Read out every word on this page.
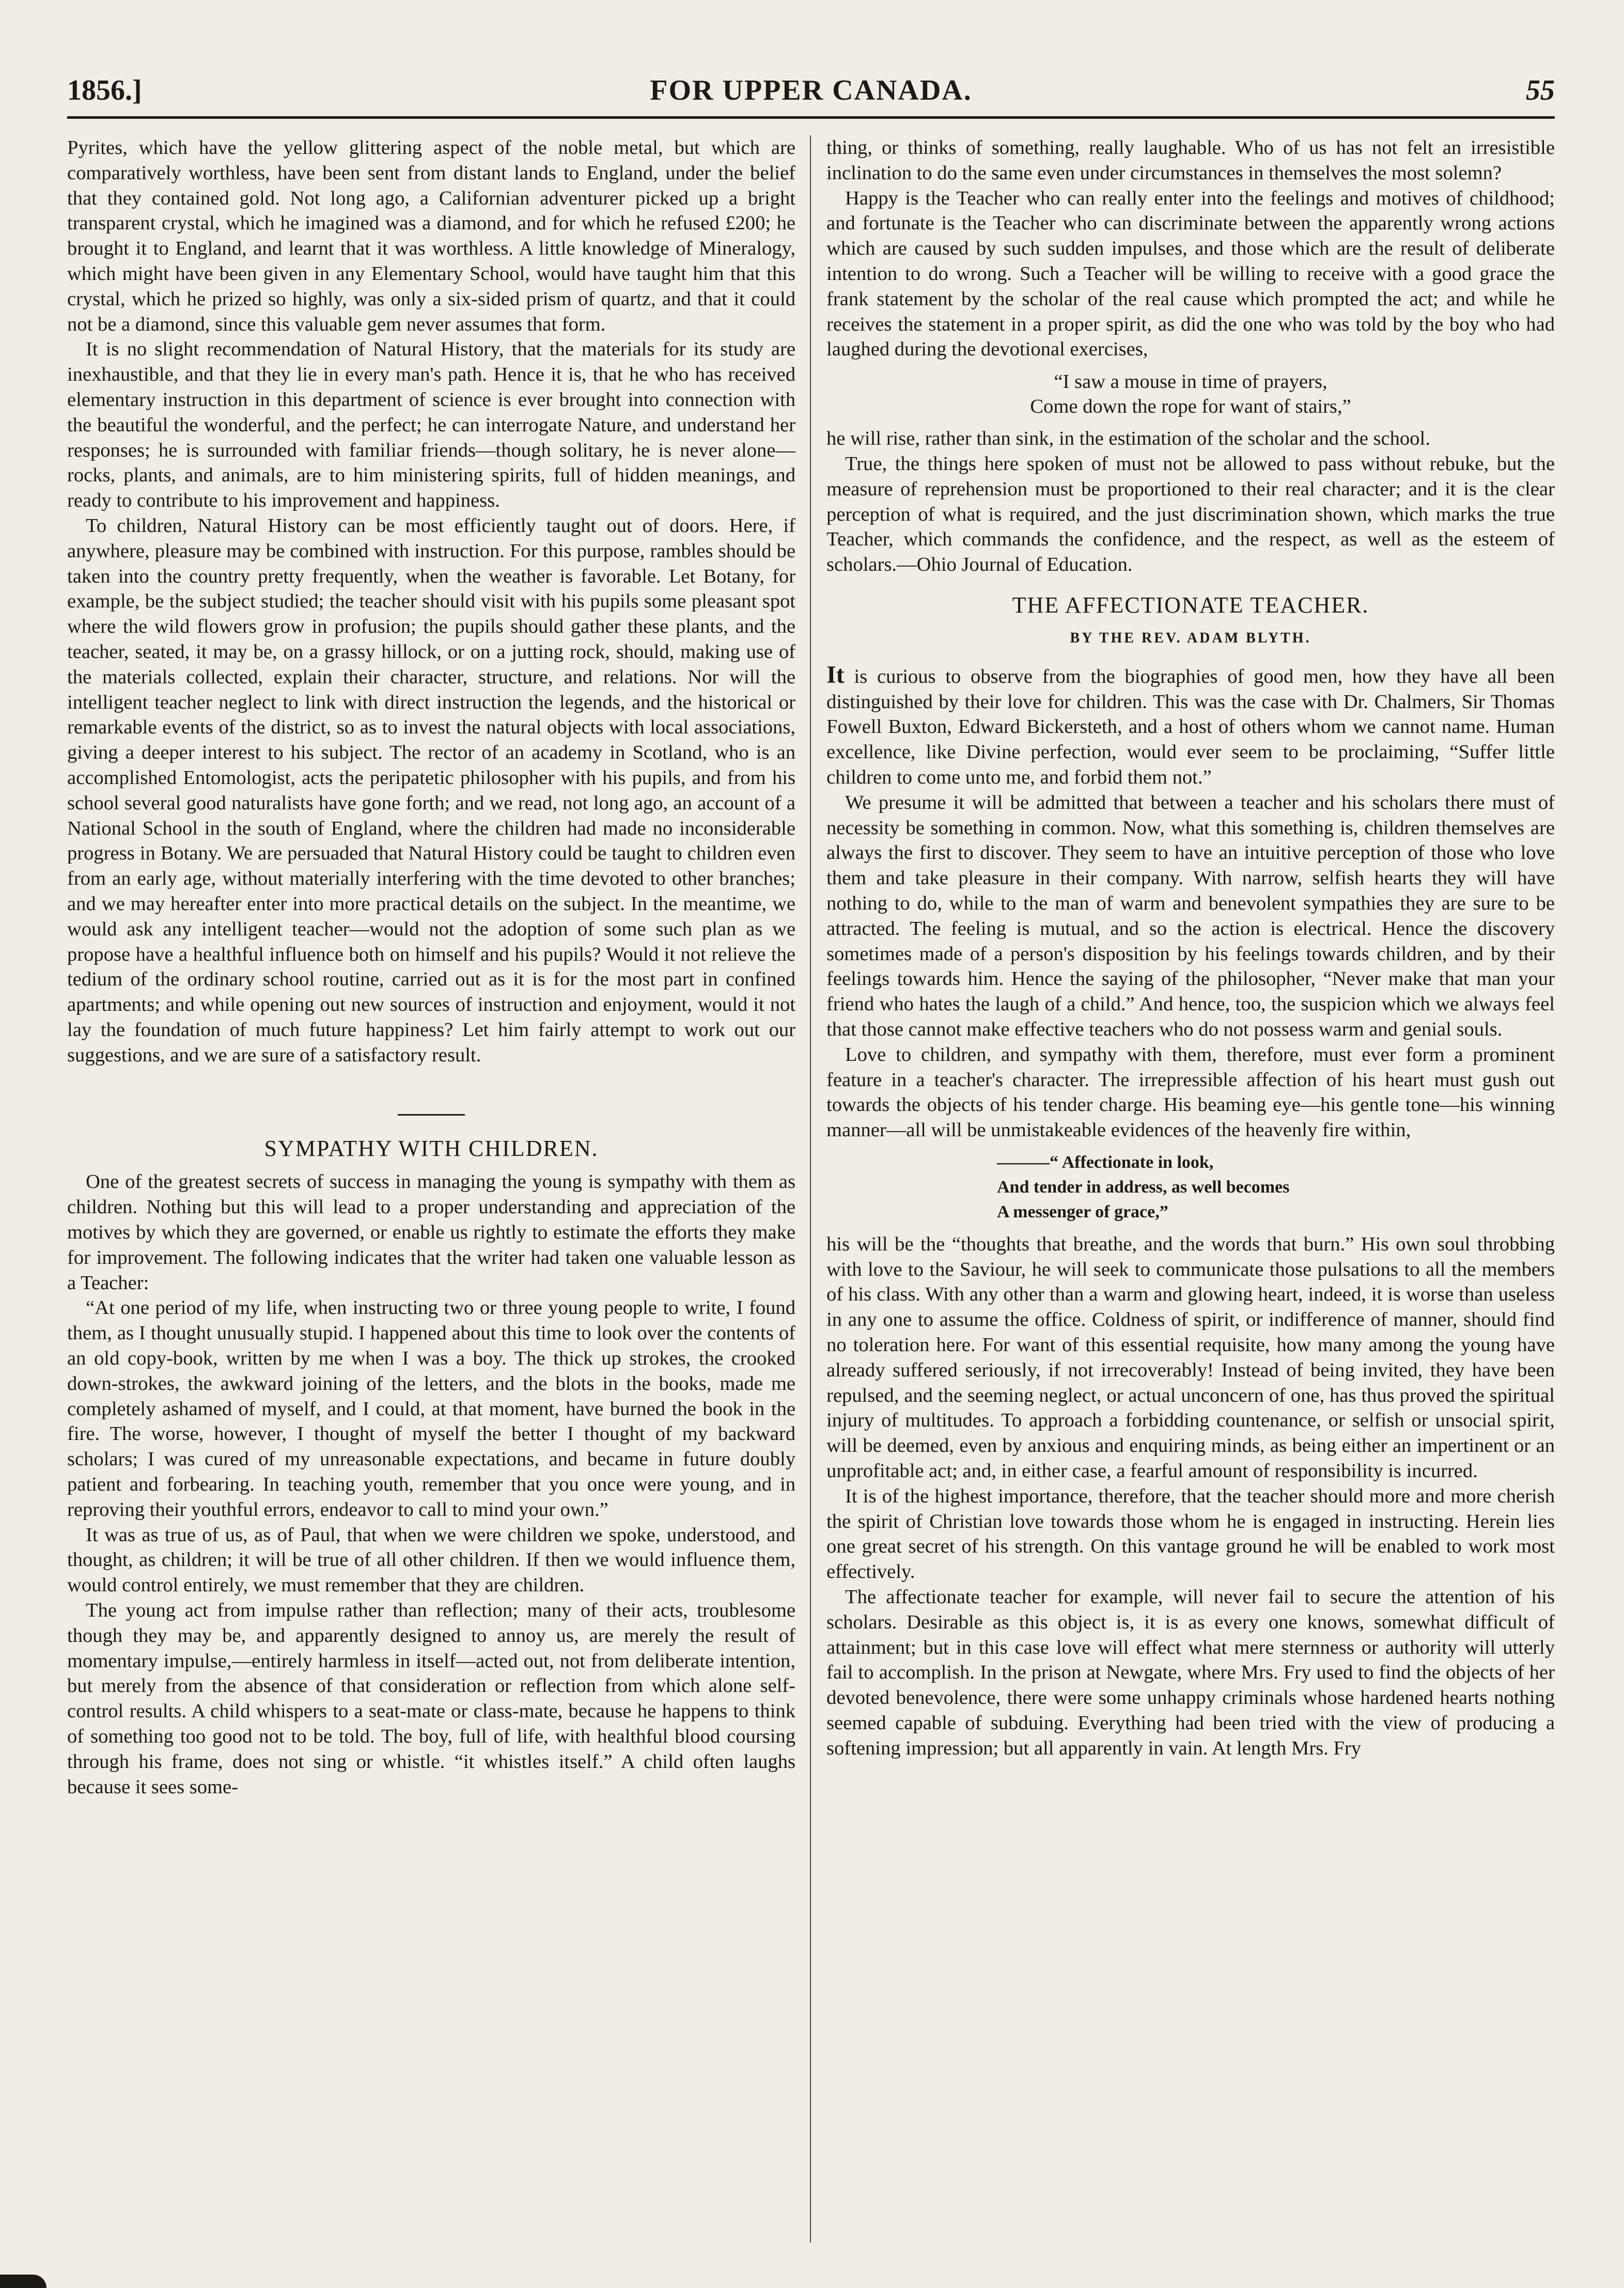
1856.]	FOR UPPER CANADA.	55

Pyrites, which have the yellow glittering aspect of the noble metal, but which are comparatively worthless, have been sent from distant lands to England, under the belief that they contained gold. Not long ago, a Californian adventurer picked up a bright transparent crystal, which he imagined was a diamond, and for which he refused £200; he brought it to England, and learnt that it was worthless. A little knowledge of Mineralogy, which might have been given in any Elementary School, would have taught him that this crystal, which he prized so highly, was only a six-sided prism of quartz, and that it could not be a diamond, since this valuable gem never assumes that form.

It is no slight recommendation of Natural History, that the materials for its study are inexhaustible, and that they lie in every man's path. Hence it is, that he who has received elementary instruction in this department of science is ever brought into connection with the beautiful the wonderful, and the perfect; he can interrogate Nature, and understand her responses; he is surrounded with familiar friends—though solitary, he is never alone—rocks, plants, and animals, are to him ministering spirits, full of hidden meanings, and ready to contribute to his improvement and happiness.

To children, Natural History can be most efficiently taught out of doors. Here, if anywhere, pleasure may be combined with instruction. For this purpose, rambles should be taken into the country pretty frequently, when the weather is favorable. Let Botany, for example, be the subject studied; the teacher should visit with his pupils some pleasant spot where the wild flowers grow in profusion; the pupils should gather these plants, and the teacher, seated, it may be, on a grassy hillock, or on a jutting rock, should, making use of the materials collected, explain their character, structure, and relations. Nor will the intelligent teacher neglect to link with direct instruction the legends, and the historical or remarkable events of the district, so as to invest the natural objects with local associations, giving a deeper interest to his subject. The rector of an academy in Scotland, who is an accomplished Entomologist, acts the peripatetic philosopher with his pupils, and from his school several good naturalists have gone forth; and we read, not long ago, an account of a National School in the south of England, where the children had made no inconsiderable progress in Botany. We are persuaded that Natural History could be taught to children even from an early age, without materially interfering with the time devoted to other branches; and we may hereafter enter into more practical details on the subject. In the meantime, we would ask any intelligent teacher—would not the adoption of some such plan as we propose have a healthful influence both on himself and his pupils? Would it not relieve the tedium of the ordinary school routine, carried out as it is for the most part in confined apartments; and while opening out new sources of instruction and enjoyment, would it not lay the foundation of much future happiness? Let him fairly attempt to work out our suggestions, and we are sure of a satisfactory result.

SYMPATHY WITH CHILDREN.

One of the greatest secrets of success in managing the young is sympathy with them as children. Nothing but this will lead to a proper understanding and appreciation of the motives by which they are governed, or enable us rightly to estimate the efforts they make for improvement. The following indicates that the writer had taken one valuable lesson as a Teacher:

“At one period of my life, when instructing two or three young people to write, I found them, as I thought unusually stupid. I happened about this time to look over the contents of an old copy-book, written by me when I was a boy. The thick up strokes, the crooked down-strokes, the awkward joining of the letters, and the blots in the books, made me completely ashamed of myself, and I could, at that moment, have burned the book in the fire. The worse, however, I thought of myself the better I thought of my backward scholars; I was cured of my unreasonable expectations, and became in future doubly patient and forbearing. In teaching youth, remember that you once were young, and in reproving their youthful errors, endeavor to call to mind your own.”

It was as true of us, as of Paul, that when we were children we spoke, understood, and thought, as children; it will be true of all other children. If then we would influence them, would control entirely, we must remember that they are children.

The young act from impulse rather than reflection; many of their acts, troublesome though they may be, and apparently designed to annoy us, are merely the result of momentary impulse,—entirely harmless in itself—acted out, not from deliberate intention, but merely from the absence of that consideration or reflection from which alone self-control results. A child whispers to a seat-mate or class-mate, because he happens to think of something too good not to be told. The boy, full of life, with healthful blood coursing through his frame, does not sing or whistle. “it whistles itself.” A child often laughs because it sees some-

thing, or thinks of something, really laughable. Who of us has not felt an irresistible inclination to do the same even under circumstances in themselves the most solemn?

Happy is the Teacher who can really enter into the feelings and motives of childhood; and fortunate is the Teacher who can discriminate between the apparently wrong actions which are caused by such sudden impulses, and those which are the result of deliberate intention to do wrong. Such a Teacher will be willing to receive with a good grace the frank statement by the scholar of the real cause which prompted the act; and while he receives the statement in a proper spirit, as did the one who was told by the boy who had laughed during the devotional exercises,

“I saw a mouse in time of prayers,
Come down the rope for want of stairs,”

he will rise, rather than sink, in the estimation of the scholar and the school.

True, the things here spoken of must not be allowed to pass without rebuke, but the measure of reprehension must be proportioned to their real character; and it is the clear perception of what is required, and the just discrimination shown, which marks the true Teacher, which commands the confidence, and the respect, as well as the esteem of scholars.—Ohio Journal of Education.

THE AFFECTIONATE TEACHER.
BY THE REV. ADAM BLYTH.

It is curious to observe from the biographies of good men, how they have all been distinguished by their love for children. This was the case with Dr. Chalmers, Sir Thomas Fowell Buxton, Edward Bickersteth, and a host of others whom we cannot name. Human excellence, like Divine perfection, would ever seem to be proclaiming, “Suffer little children to come unto me, and forbid them not.”

We presume it will be admitted that between a teacher and his scholars there must of necessity be something in common. Now, what this something is, children themselves are always the first to discover. They seem to have an intuitive perception of those who love them and take pleasure in their company. With narrow, selfish hearts they will have nothing to do, while to the man of warm and benevolent sympathies they are sure to be attracted. The feeling is mutual, and so the action is electrical. Hence the discovery sometimes made of a person's disposition by his feelings towards children, and by their feelings towards him. Hence the saying of the philosopher, “Never make that man your friend who hates the laugh of a child.” And hence, too, the suspicion which we always feel that those cannot make effective teachers who do not possess warm and genial souls.

Love to children, and sympathy with them, therefore, must ever form a prominent feature in a teacher's character. The irrepressible affection of his heart must gush out towards the objects of his tender charge. His beaming eye—his gentle tone—his winning manner—all will be unmistakeable evidences of the heavenly fire within,

———“ Affectionate in look,
And tender in address, as well becomes
A messenger of grace,”

his will be the “thoughts that breathe, and the words that burn.” His own soul throbbing with love to the Saviour, he will seek to communicate those pulsations to all the members of his class. With any other than a warm and glowing heart, indeed, it is worse than useless in any one to assume the office. Coldness of spirit, or indifference of manner, should find no toleration here. For want of this essential requisite, how many among the young have already suffered seriously, if not irrecoverably! Instead of being invited, they have been repulsed, and the seeming neglect, or actual unconcern of one, has thus proved the spiritual injury of multitudes. To approach a forbidding countenance, or selfish or unsocial spirit, will be deemed, even by anxious and enquiring minds, as being either an impertinent or an unprofitable act; and, in either case, a fearful amount of responsibility is incurred.

It is of the highest importance, therefore, that the teacher should more and more cherish the spirit of Christian love towards those whom he is engaged in instructing. Herein lies one great secret of his strength. On this vantage ground he will be enabled to work most effectively.

The affectionate teacher for example, will never fail to secure the attention of his scholars. Desirable as this object is, it is as every one knows, somewhat difficult of attainment; but in this case love will effect what mere sternness or authority will utterly fail to accomplish. In the prison at Newgate, where Mrs. Fry used to find the objects of her devoted benevolence, there were some unhappy criminals whose hardened hearts nothing seemed capable of subduing. Everything had been tried with the view of producing a softening impression; but all apparently in vain. At length Mrs. Fry
